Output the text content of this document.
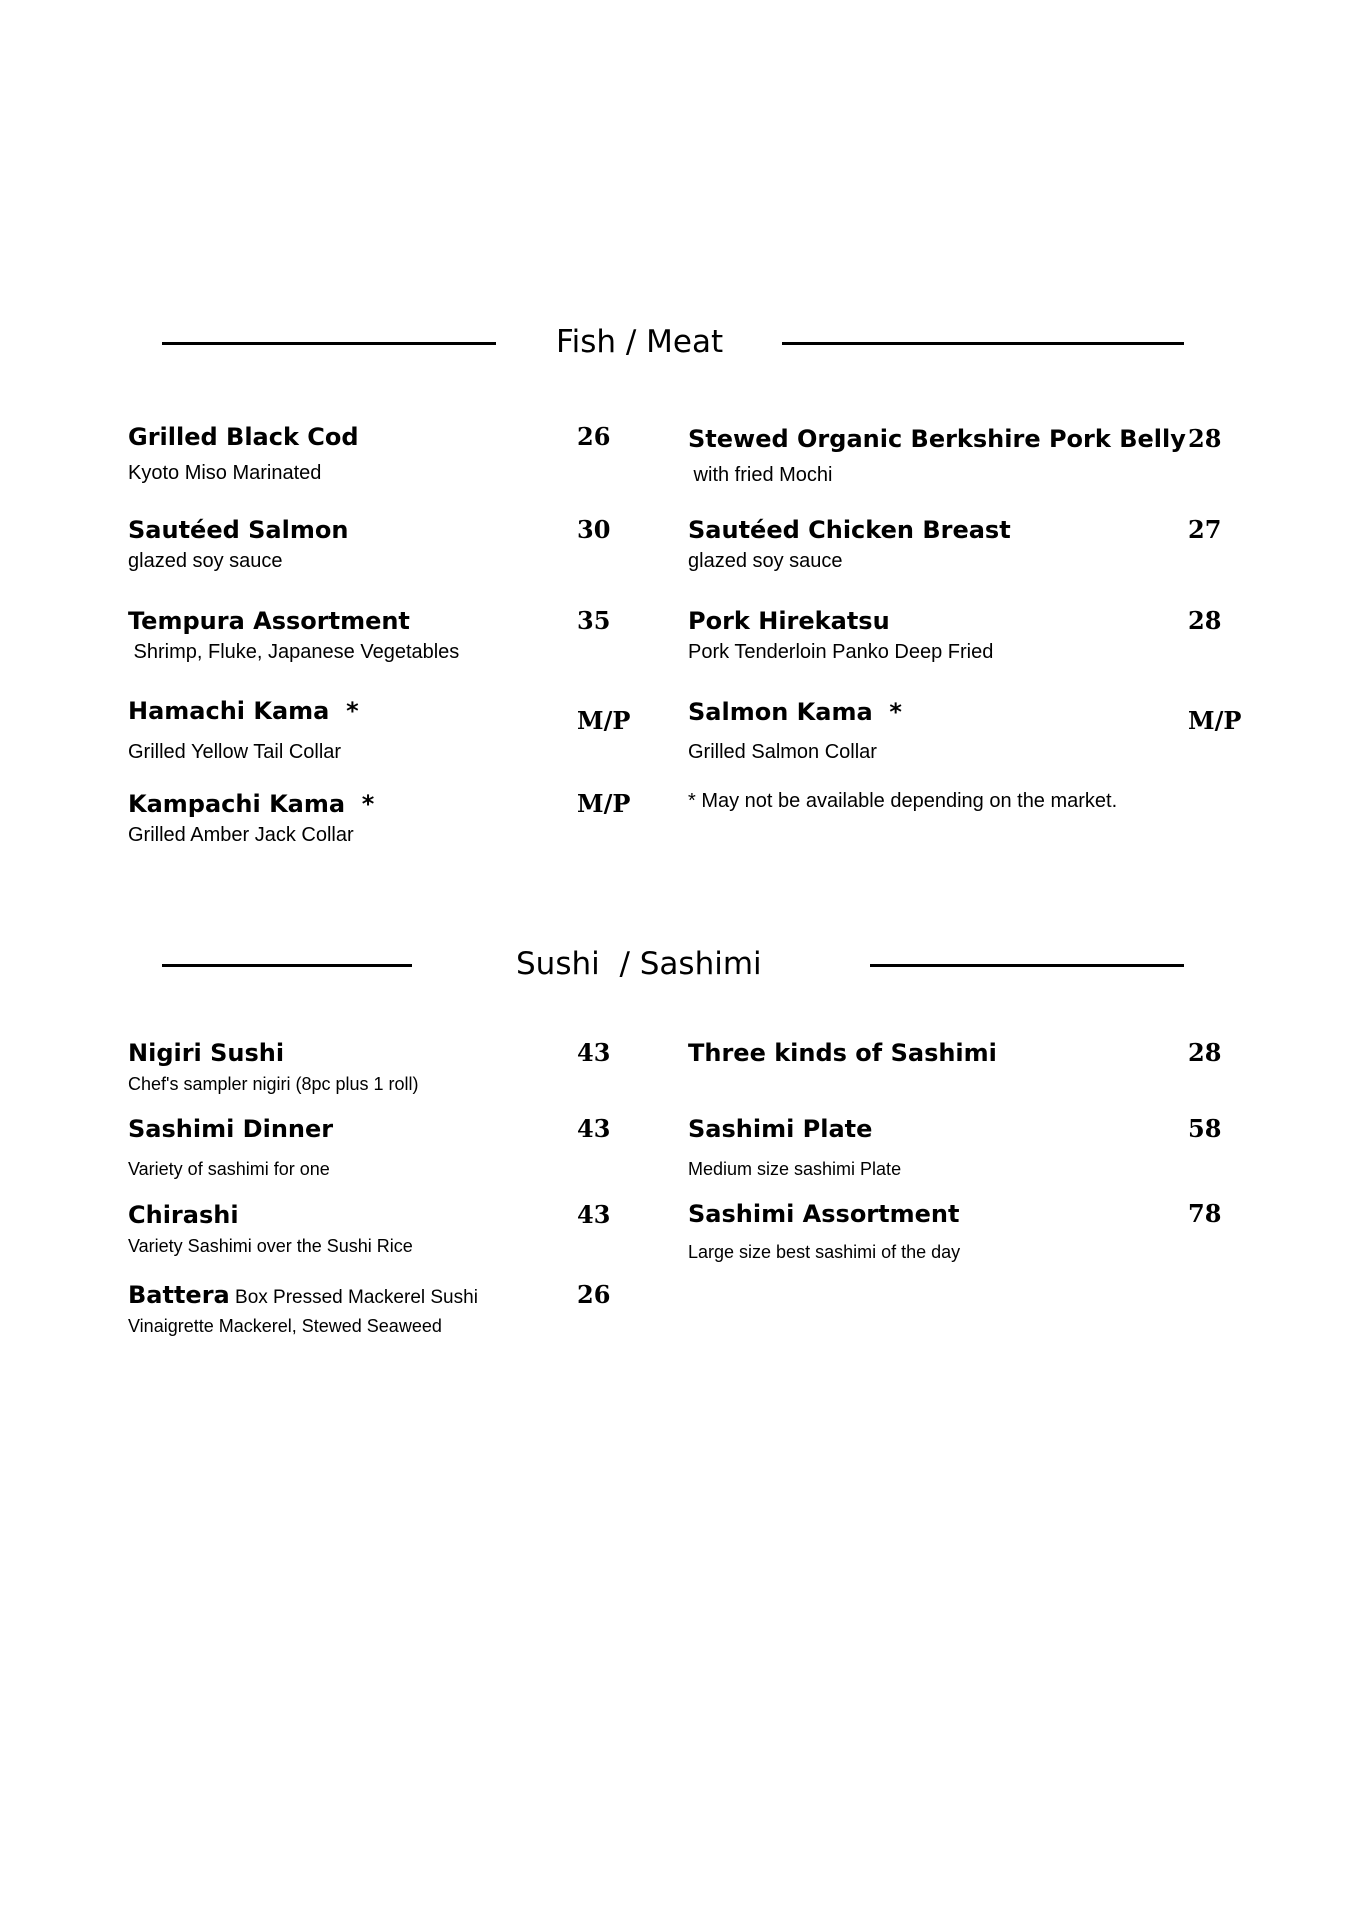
Fish / Meat
Grilled Black Cod
Kyoto Miso Marinated
26
Sautéed Salmon
glazed soy sauce
30
Tempura Assortment
Shrimp, Fluke, Japanese Vegetables
35
Hamachi Kama  *
Grilled Yellow Tail Collar
M/P
Kampachi Kama  *
Grilled Amber Jack Collar
M/P
Stewed Organic Berkshire Pork Belly
with fried Mochi
28
Sautéed Chicken Breast
glazed soy sauce
27
Pork Hirekatsu
Pork Tenderloin Panko Deep Fried
28
Salmon Kama  *
Grilled Salmon Collar
M/P
* May not be available depending on the market.
Sushi  / Sashimi
Nigiri Sushi
Chef's sampler nigiri (8pc plus 1 roll)
43
Sashimi Dinner
Variety of sashimi for one
43
Chirashi
Variety Sashimi over the Sushi Rice
43
Battera Box Pressed Mackerel Sushi
Vinaigrette Mackerel, Stewed Seaweed
26
Three kinds of Sashimi	28
Sashimi Plate
Medium size sashimi Plate
58
Sashimi Assortment
Large size best sashimi of the day
78
